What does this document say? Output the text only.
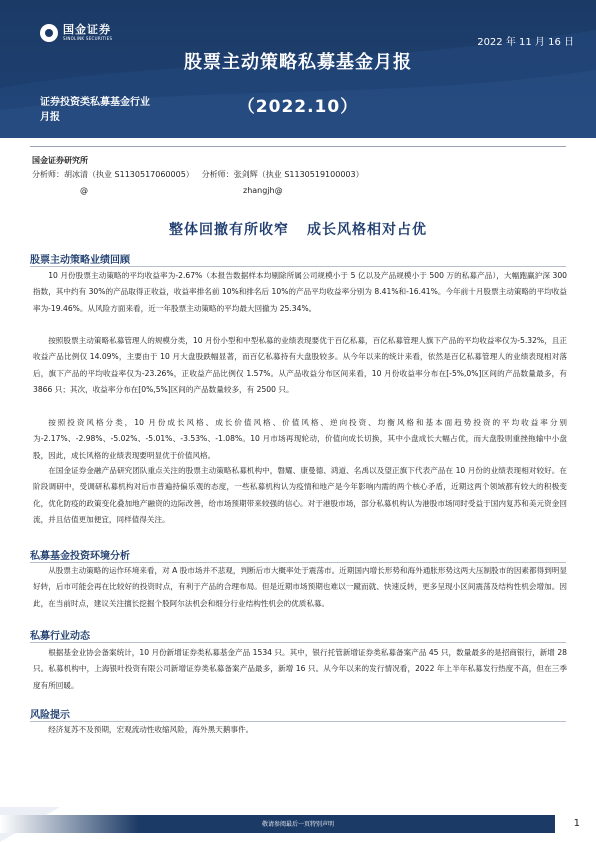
国金证券
SINOLINK SECURITIES	2022 年 11 月 16 日
股票主动策略私募基金月报
证券投资类私募基金行业
月报
（2022.10）
国金证券研究所
分析师：胡冰清（执业 S1130517060005） 分析师：张剑辉（执业 S1130519100003）
@	zhangjh@
整体回撤有所收窄 成长风格相对占优
股票主动策略业绩回顾

10 月份股票主动策略的平均收益率为-2.67%（本报告数据样本均剔除所属公司规模小于 5 亿以及产品规模小于 500 万的私募产品），大幅跑赢沪深 300 指数，其中约有 30%的产品取得正收益，收益率排名前 10%和排名后 10%的产品平均收益率分别为 8.41%和-16.41%。今年前十月股票主动策略的平均收益率为-19.46%。从风险方面来看，近一年股票主动策略的平均最大回撤为 25.34%。

按照股票主动策略私募管理人的规模分类，10 月份小型和中型私募的业绩表现要优于百亿私募，百亿私募管理人旗下产品的平均收益率仅为-5.32%，且正收益产品比例仅 14.09%，主要由于 10 月大盘股跌幅显著，而百亿私募持有大盘股较多。从今年以来的统计来看，依然是百亿私募管理人的业绩表现相对落后，旗下产品的平均收益率仅为-23.26%，正收益产品比例仅 1.57%。从产品收益分布区间来看，10 月份收益率分布在[-5%,0%]区间的产品数量最多，有 3866 只；其次，收益率分布在[0%,5%]区间的产品数量较多，有 2500 只。

按照投资风格分类，10 月份成长风格、成长价值风格、价值风格、逆向投资、均衡风格和基本面趋势投资的平均收益率分别为-2.17%、-2.98%、-5.02%、-5.01%、-3.53%、-1.08%。10 月市场再现轮动，价值向成长切换，其中小盘成长大幅占优，而大盘股则重挫拖输中小盘股，因此，成长风格的业绩表现要明显优于价值风格。

在国金证券金融产品研究团队重点关注的股票主动策略私募机构中，磐耀、康曼德、鸿道、名禹以及望正旗下代表产品在 10 月份的业绩表现相对较好。在阶段调研中，受调研私募机构对后市普遍持偏乐观的态度，一些私募机构认为疫情和地产是今年影响内需的两个核心矛盾，近期这两个领域都有较大的积极变化，优化防疫的政策变化叠加地产融资的边际改善，给市场预期带来较强的信心。对于港股市场，部分私募机构认为港股市场同时受益于国内复苏和美元资金回流，并且估值更加便宜，同样值得关注。

私募基金投资环境分析

从股票主动策略的运作环境来看，对 A 股市场并不悲观，判断后市大概率处于震荡市。近期国内增长形势和海外通胀形势这两大压制股市的因素都得到明显好转，后市可能会再在比较好的投资时点，有利于产品的合理布局。但是近期市场预期也难以一蹴而就、快速反转，更多呈现小区间震荡及结构性机会增加。因此，在当前时点，建议关注擅长挖掘个股阿尔法机会和细分行业结构性机会的优质私募。

私募行业动态

根据基金业协会备案统计，10 月份新增证券类私募基金产品 1534 只。其中，银行托管新增证券类私募备案产品 45 只，数量最多的是招商银行，新增 28 只。私募机构中，上海银叶投资有限公司新增证券类私募备案产品最多，新增 16 只。从今年以来的发行情况看，2022 年上半年私募发行热度不高，但在三季度有所回暖。

风险提示

经济复苏不及预期，宏观流动性收缩风险，海外黑天鹅事件。

敬请参阅最后一页特别声明	1
